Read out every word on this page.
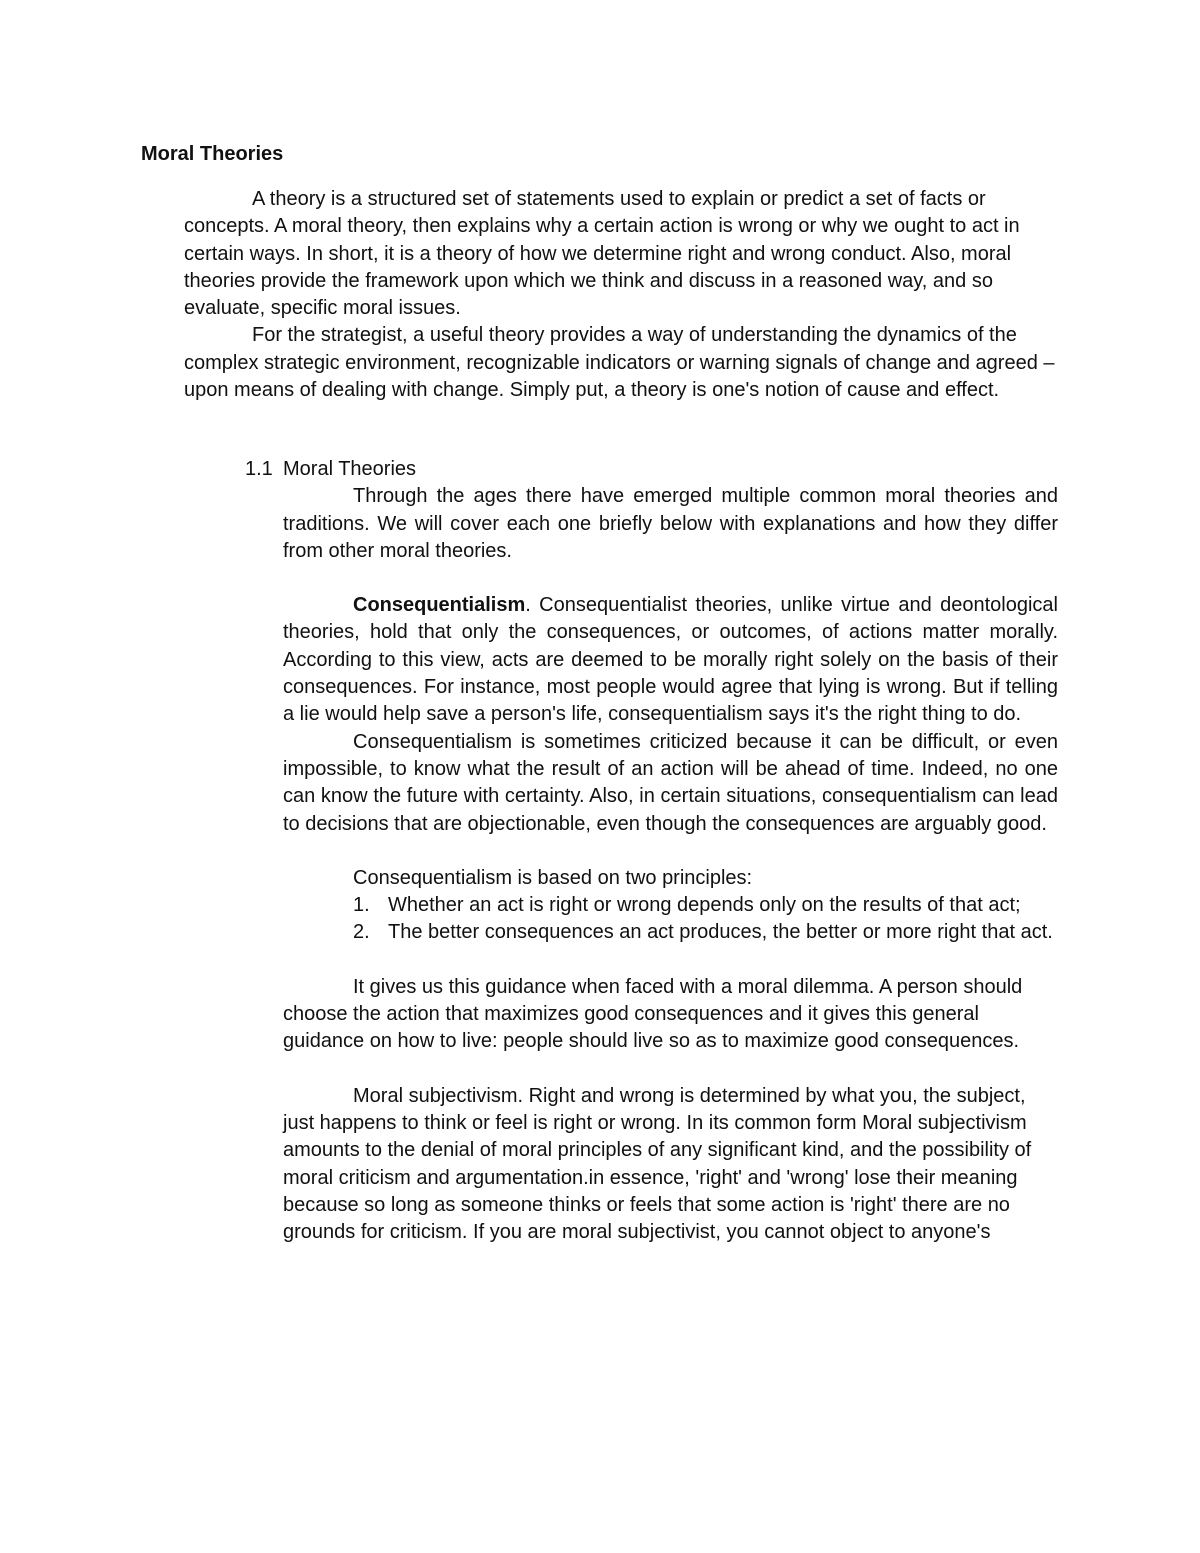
Moral Theories

A theory is a structured set of statements used to explain or predict a set of facts or concepts. A moral theory, then explains why a certain action is wrong or why we ought to act in certain ways. In short, it is a theory of how we determine right and wrong conduct. Also, moral theories provide the framework upon which we think and discuss in a reasoned way, and so evaluate, specific moral issues.

For the strategist, a useful theory provides a way of understanding the dynamics of the complex strategic environment, recognizable indicators or warning signals of change and agreed – upon means of dealing with change. Simply put, a theory is one's notion of cause and effect.

1.1 Moral Theories

Through the ages there have emerged multiple common moral theories and traditions. We will cover each one briefly below with explanations and how they differ from other moral theories.

Consequentialism. Consequentialist theories, unlike virtue and deontological theories, hold that only the consequences, or outcomes, of actions matter morally. According to this view, acts are deemed to be morally right solely on the basis of their consequences. For instance, most people would agree that lying is wrong. But if telling a lie would help save a person's life, consequentialism says it's the right thing to do.

Consequentialism is sometimes criticized because it can be difficult, or even impossible, to know what the result of an action will be ahead of time. Indeed, no one can know the future with certainty. Also, in certain situations, consequentialism can lead to decisions that are objectionable, even though the consequences are arguably good.

Consequentialism is based on two principles:

1. Whether an act is right or wrong depends only on the results of that act;
2. The better consequences an act produces, the better or more right that act.

It gives us this guidance when faced with a moral dilemma. A person should choose the action that maximizes good consequences and it gives this general guidance on how to live: people should live so as to maximize good consequences.

Moral subjectivism. Right and wrong is determined by what you, the subject, just happens to think or feel is right or wrong. In its common form Moral subjectivism amounts to the denial of moral principles of any significant kind, and the possibility of moral criticism and argumentation.in essence, 'right' and 'wrong' lose their meaning because so long as someone thinks or feels that some action is 'right' there are no grounds for criticism. If you are moral subjectivist, you cannot object to anyone's
